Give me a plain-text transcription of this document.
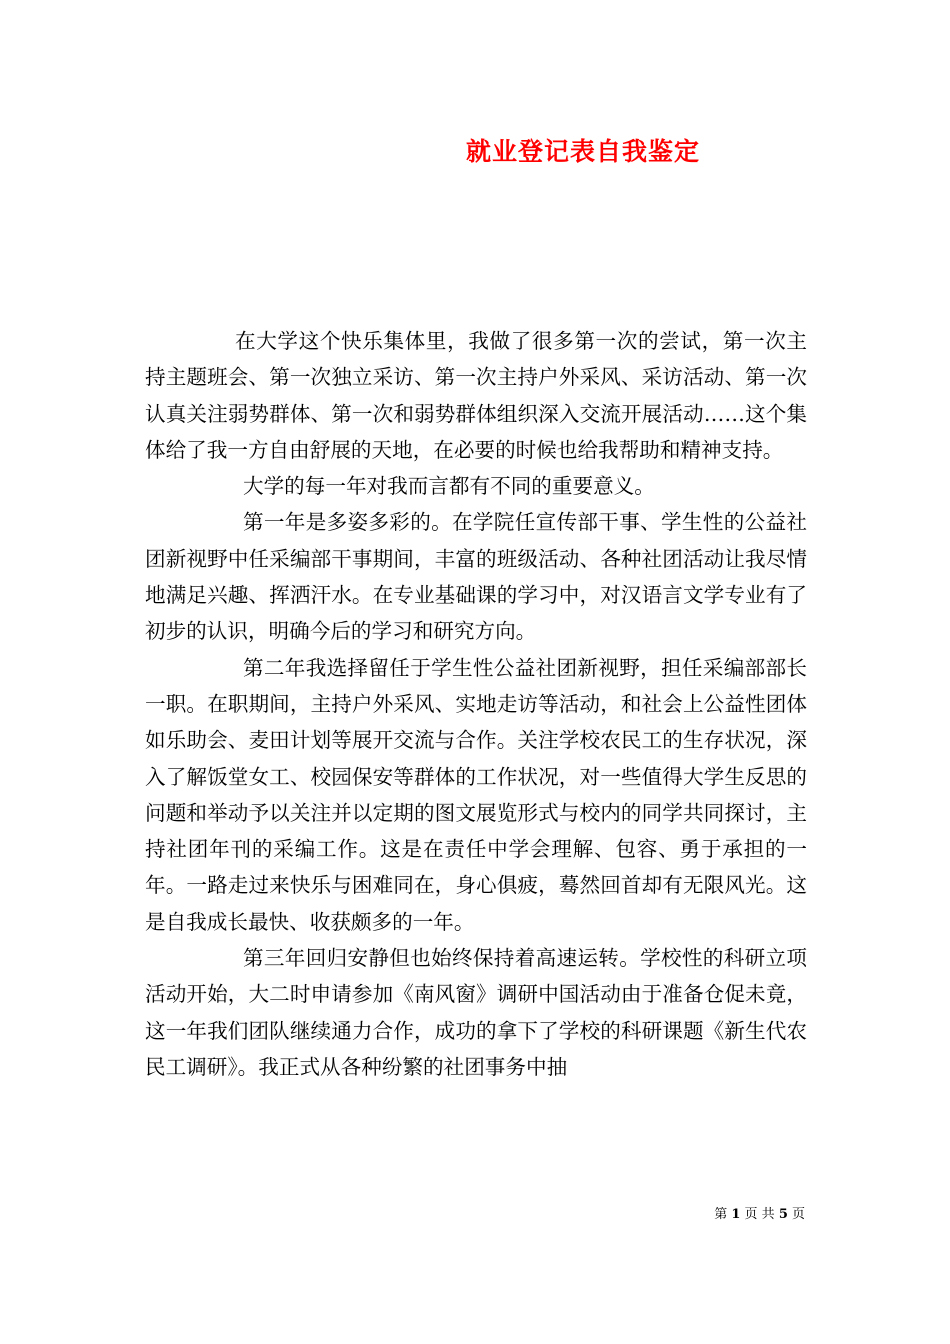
就业登记表自我鉴定

在大学这个快乐集体里，我做了很多第一次的尝试，第一次主持主题班会、第一次独立采访、第一次主持户外采风、采访活动、第一次认真关注弱势群体、第一次和弱势群体组织深入交流开展活动……这个集体给了我一方自由舒展的天地，在必要的时候也给我帮助和精神支持。

大学的每一年对我而言都有不同的重要意义。

第一年是多姿多彩的。在学院任宣传部干事、学生性的公益社团新视野中任采编部干事期间，丰富的班级活动、各种社团活动让我尽情地满足兴趣、挥洒汗水。在专业基础课的学习中，对汉语言文学专业有了初步的认识，明确今后的学习和研究方向。

第二年我选择留任于学生性公益社团新视野，担任采编部部长一职。在职期间，主持户外采风、实地走访等活动，和社会上公益性团体如乐助会、麦田计划等展开交流与合作。关注学校农民工的生存状况，深入了解饭堂女工、校园保安等群体的工作状况，对一些值得大学生反思的问题和举动予以关注并以定期的图文展览形式与校内的同学共同探讨，主持社团年刊的采编工作。这是在责任中学会理解、包容、勇于承担的一年。一路走过来快乐与困难同在，身心俱疲，蓦然回首却有无限风光。这是自我成长最快、收获颇多的一年。

第三年回归安静但也始终保持着高速运转。学校性的科研立项活动开始，大二时申请参加《南风窗》调研中国活动由于准备仓促未竟，这一年我们团队继续通力合作，成功的拿下了学校的科研课题《新生代农民工调研》。我正式从各种纷繁的社团事务中抽

第 1 页 共 5 页
